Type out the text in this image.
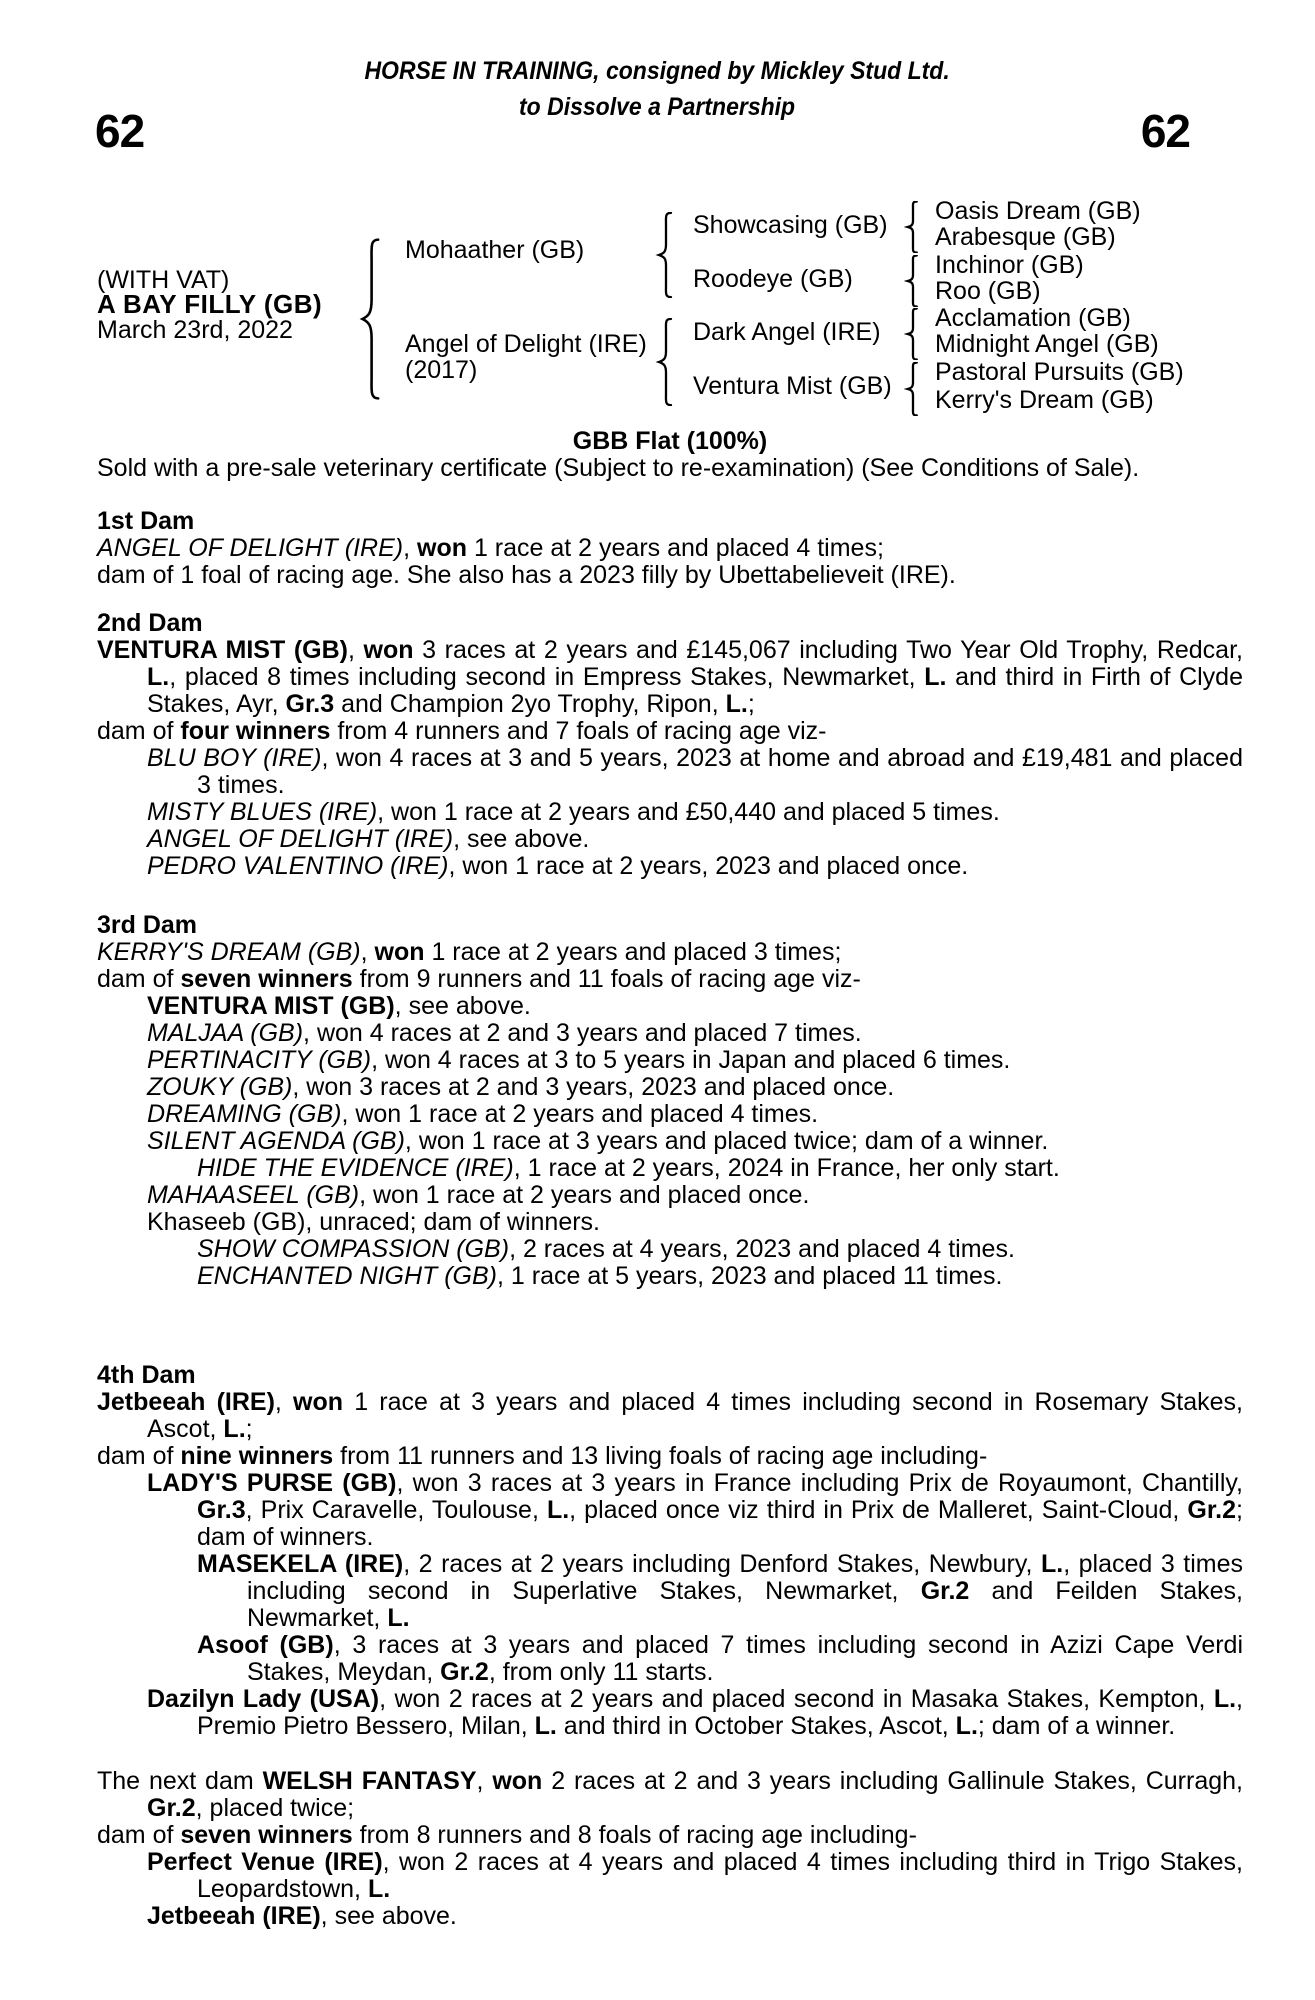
62	62
HORSE IN TRAINING, consigned by Mickley Stud Ltd.
to Dissolve a Partnership
(WITH VAT)
A BAY FILLY (GB)
March 23rd, 2022
Mohaather (GB)
Angel of Delight (IRE)
(2017)
Showcasing (GB)
Roodeye (GB)
Dark Angel (IRE)
Ventura Mist (GB)
Oasis Dream (GB)
Arabesque (GB)
Inchinor (GB)
Roo (GB)
Acclamation (GB)
Midnight Angel (GB)
Pastoral Pursuits (GB)
Kerry's Dream (GB)
GBB Flat (100%)
Sold with a pre-sale veterinary certificate (Subject to re-examination) (See Conditions of Sale).
1st Dam
ANGEL OF DELIGHT (IRE), won 1 race at 2 years and placed 4 times;
dam of 1 foal of racing age. She also has a 2023 filly by Ubettabelieveit (IRE).
2nd Dam
VENTURA MIST (GB), won 3 races at 2 years and £145,067 including Two Year Old Trophy, Redcar, L., placed 8 times including second in Empress Stakes, Newmarket, L. and third in Firth of Clyde Stakes, Ayr, Gr.3 and Champion 2yo Trophy, Ripon, L.;
dam of four winners from 4 runners and 7 foals of racing age viz-
BLU BOY (IRE), won 4 races at 3 and 5 years, 2023 at home and abroad and £19,481 and placed 3 times.
MISTY BLUES (IRE), won 1 race at 2 years and £50,440 and placed 5 times.
ANGEL OF DELIGHT (IRE), see above.
PEDRO VALENTINO (IRE), won 1 race at 2 years, 2023 and placed once.
3rd Dam
KERRY'S DREAM (GB), won 1 race at 2 years and placed 3 times;
dam of seven winners from 9 runners and 11 foals of racing age viz-
VENTURA MIST (GB), see above.
MALJAA (GB), won 4 races at 2 and 3 years and placed 7 times.
PERTINACITY (GB), won 4 races at 3 to 5 years in Japan and placed 6 times.
ZOUKY (GB), won 3 races at 2 and 3 years, 2023 and placed once.
DREAMING (GB), won 1 race at 2 years and placed 4 times.
SILENT AGENDA (GB), won 1 race at 3 years and placed twice; dam of a winner.
HIDE THE EVIDENCE (IRE), 1 race at 2 years, 2024 in France, her only start.
MAHAASEEL (GB), won 1 race at 2 years and placed once.
Khaseeb (GB), unraced; dam of winners.
SHOW COMPASSION (GB), 2 races at 4 years, 2023 and placed 4 times.
ENCHANTED NIGHT (GB), 1 race at 5 years, 2023 and placed 11 times.
4th Dam
Jetbeeah (IRE), won 1 race at 3 years and placed 4 times including second in Rosemary Stakes, Ascot, L.;
dam of nine winners from 11 runners and 13 living foals of racing age including-
LADY'S PURSE (GB), won 3 races at 3 years in France including Prix de Royaumont, Chantilly, Gr.3, Prix Caravelle, Toulouse, L., placed once viz third in Prix de Malleret, Saint-Cloud, Gr.2; dam of winners.
MASEKELA (IRE), 2 races at 2 years including Denford Stakes, Newbury, L., placed 3 times including second in Superlative Stakes, Newmarket, Gr.2 and Feilden Stakes, Newmarket, L.
Asoof (GB), 3 races at 3 years and placed 7 times including second in Azizi Cape Verdi Stakes, Meydan, Gr.2, from only 11 starts.
Dazilyn Lady (USA), won 2 races at 2 years and placed second in Masaka Stakes, Kempton, L., Premio Pietro Bessero, Milan, L. and third in October Stakes, Ascot, L.; dam of a winner.
The next dam WELSH FANTASY, won 2 races at 2 and 3 years including Gallinule Stakes, Curragh, Gr.2, placed twice;
dam of seven winners from 8 runners and 8 foals of racing age including-
Perfect Venue (IRE), won 2 races at 4 years and placed 4 times including third in Trigo Stakes, Leopardstown, L.
Jetbeeah (IRE), see above.
